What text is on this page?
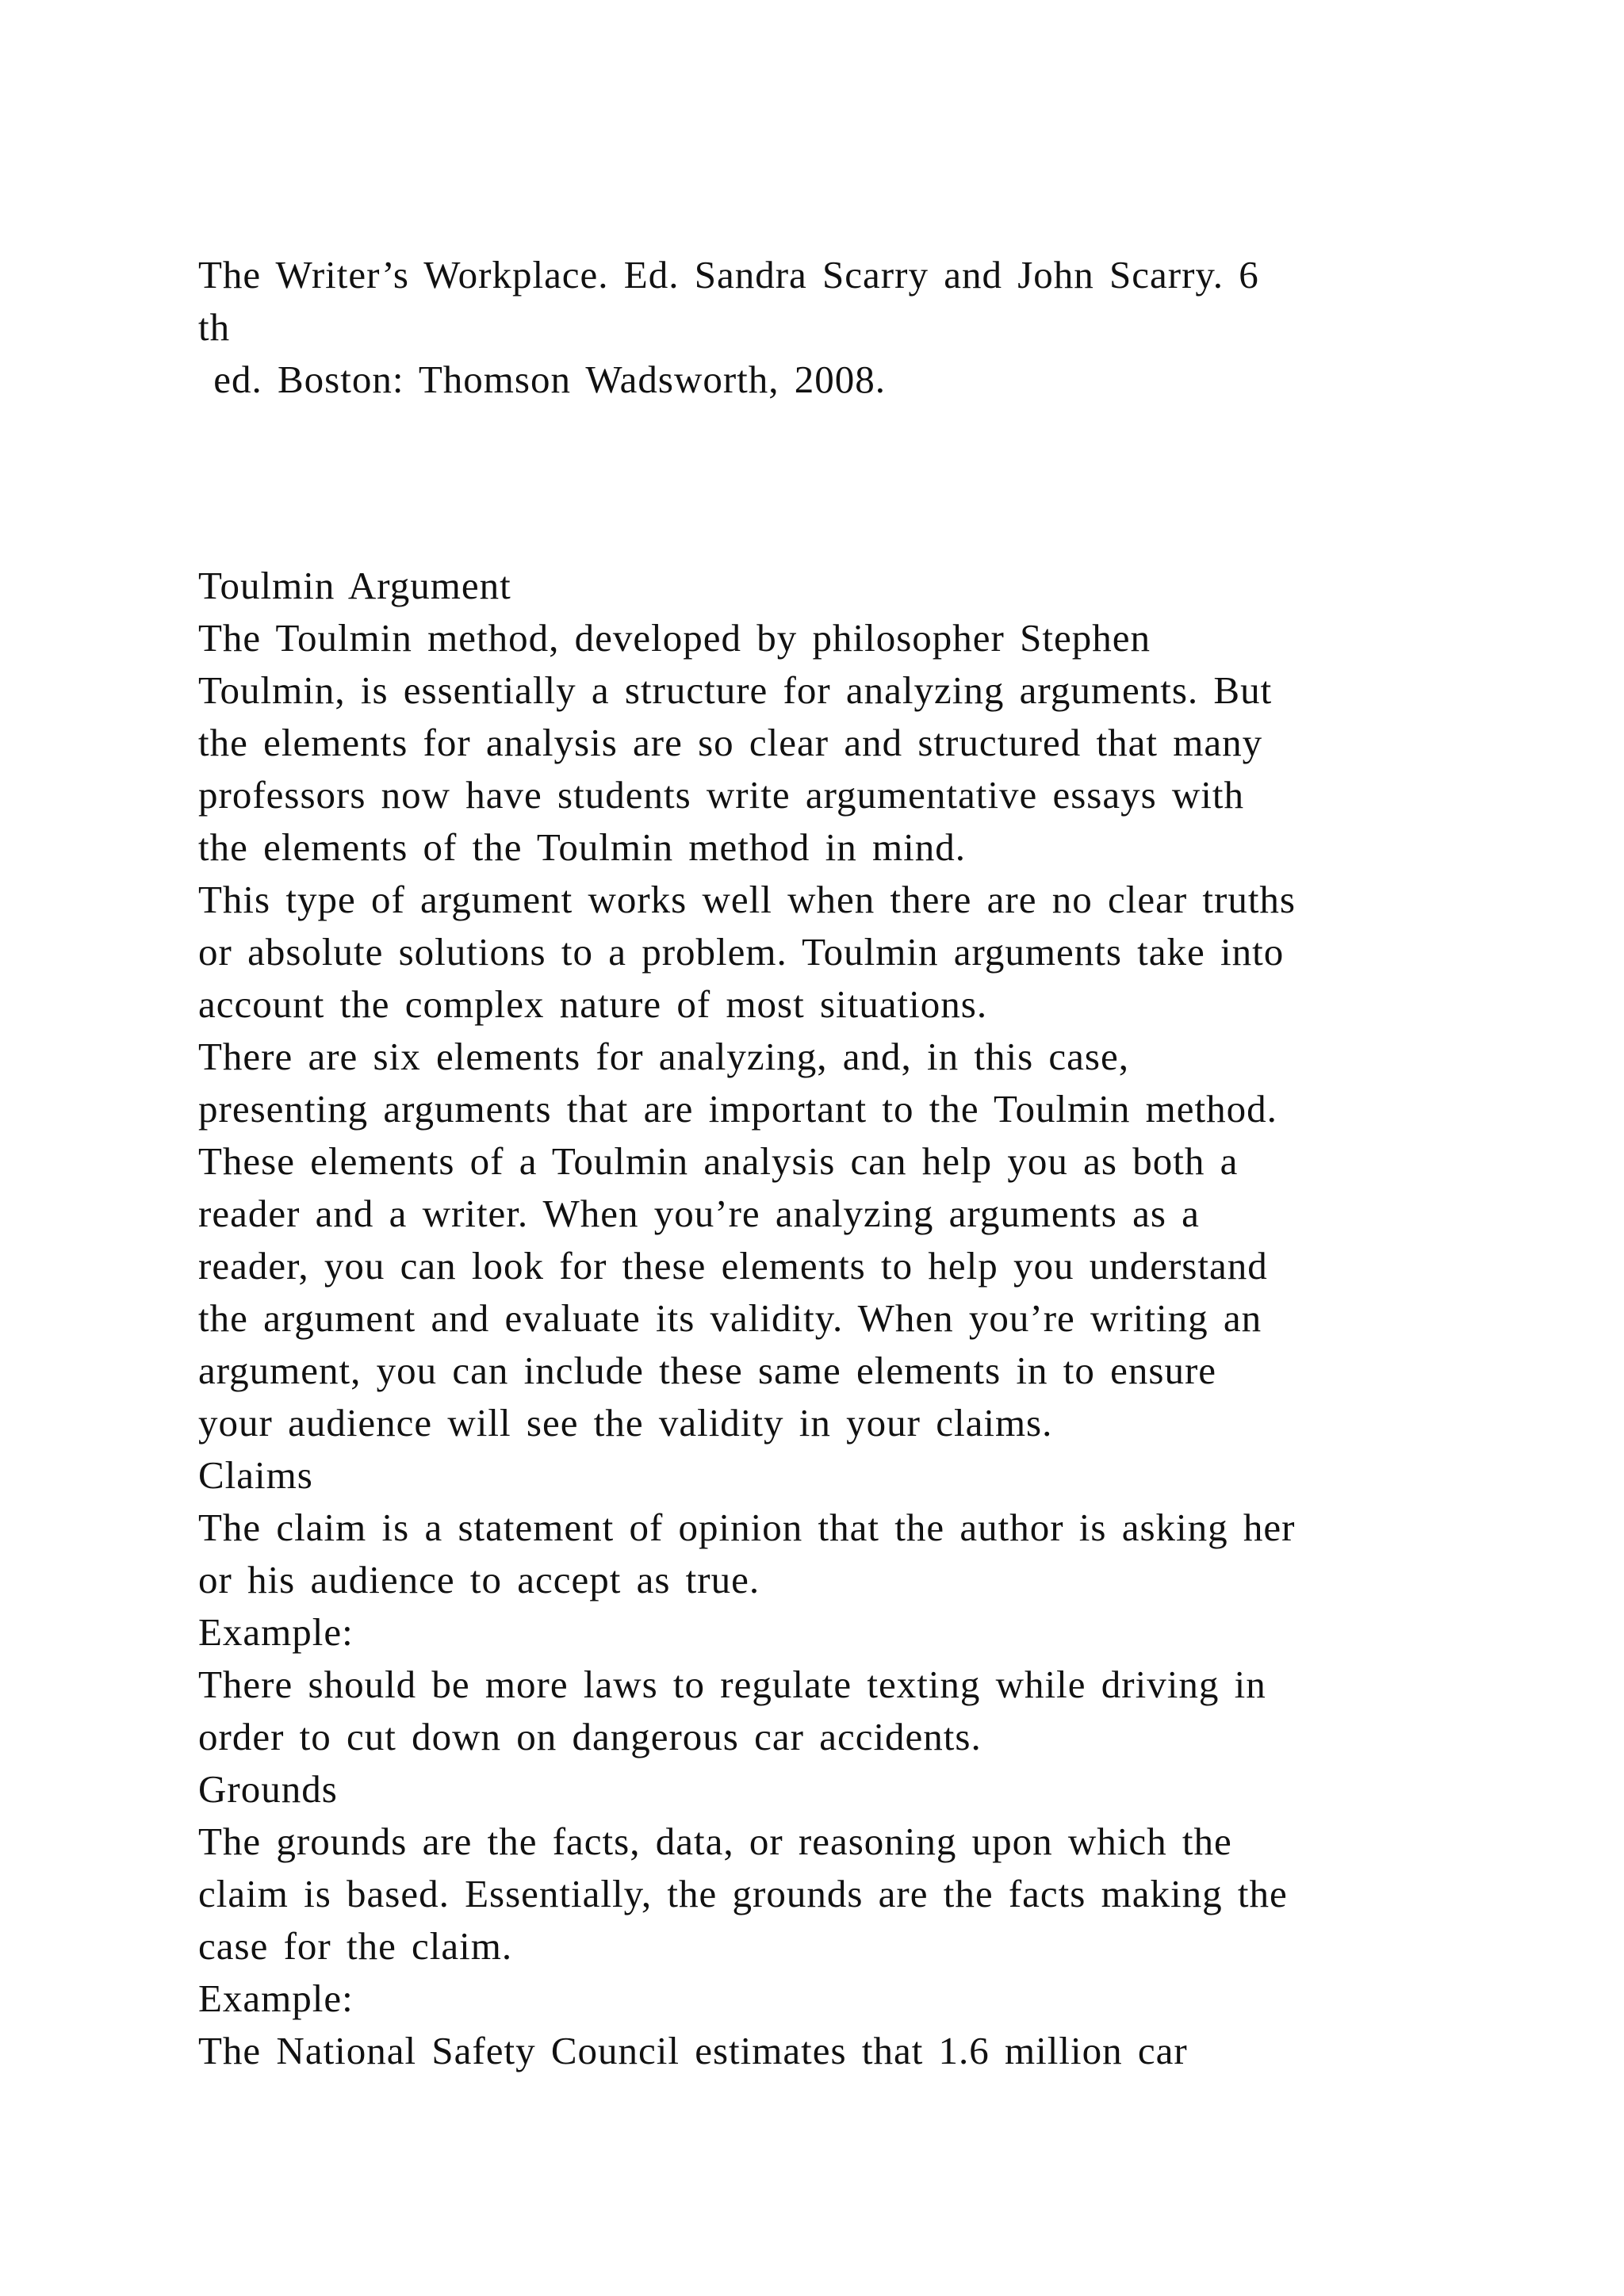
The Writer’s Workplace. Ed. Sandra Scarry and John Scarry. 6
th
ed. Boston: Thomson Wadsworth, 2008.
Toulmin Argument
The Toulmin method, developed by philosopher Stephen
Toulmin, is essentially a structure for analyzing arguments. But
the elements for analysis are so clear and structured that many
professors now have students write argumentative essays with
the elements of the Toulmin method in mind.
This type of argument works well when there are no clear truths
or absolute solutions to a problem. Toulmin arguments take into
account the complex nature of most situations.
There are six elements for analyzing, and, in this case,
presenting arguments that are important to the Toulmin method.
These elements of a Toulmin analysis can help you as both a
reader and a writer. When you’re analyzing arguments as a
reader, you can look for these elements to help you understand
the argument and evaluate its validity. When you’re writing an
argument, you can include these same elements in to ensure
your audience will see the validity in your claims.
Claims
The claim is a statement of opinion that the author is asking her
or his audience to accept as true.
Example:
There should be more laws to regulate texting while driving in
order to cut down on dangerous car accidents.
Grounds
The grounds are the facts, data, or reasoning upon which the
claim is based. Essentially, the grounds are the facts making the
case for the claim.
Example:
The National Safety Council estimates that 1.6 million car
